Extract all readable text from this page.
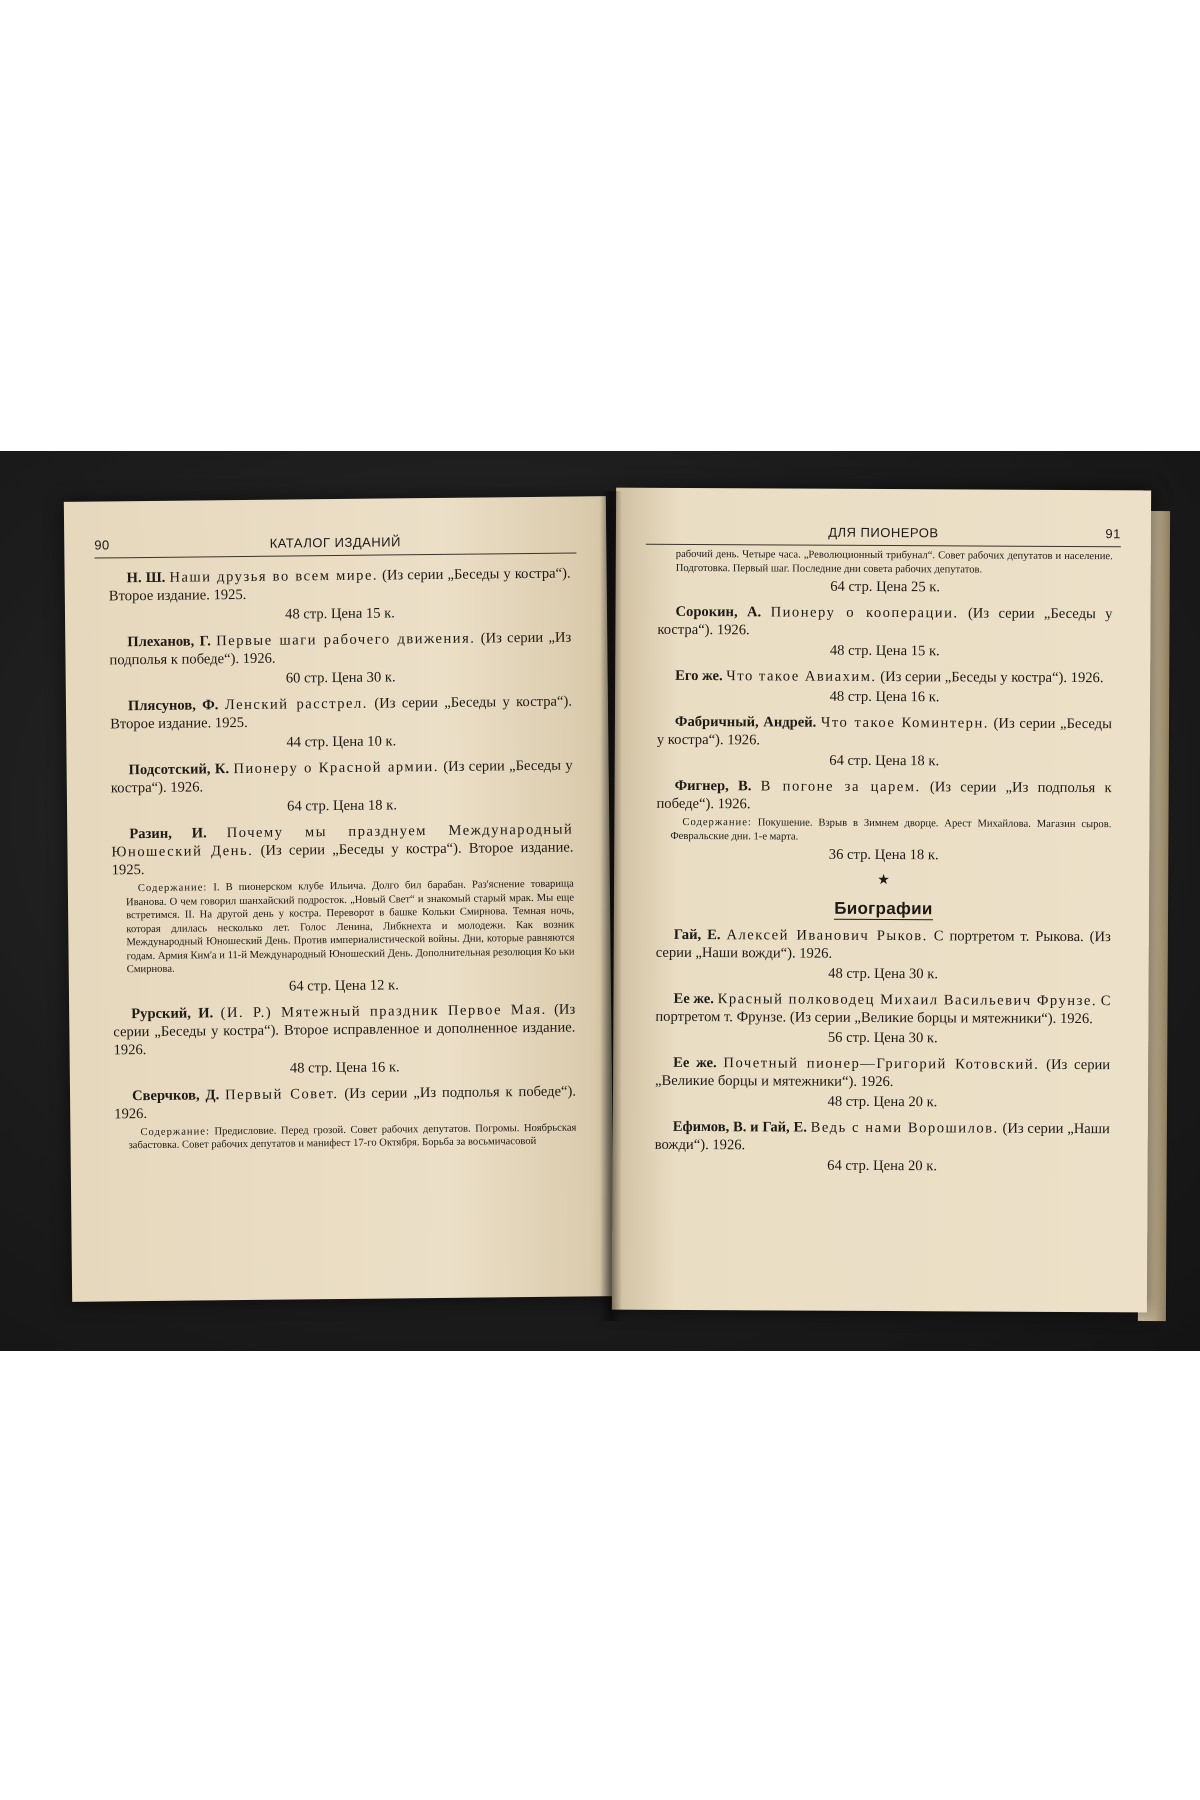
90	КАТАЛОГ ИЗДАНИЙ

Н. Ш. Наши друзья во всем мире. (Из серии „Беседы у костра“). Второе издание. 1925.

48 стр. Цена 15 к.

Плеханов, Г. Первые шаги рабочего движения. (Из серии „Из подполья к победе“). 1926.

60 стр. Цена 30 к.

Плясунов, Ф. Ленский расстрел. (Из серии „Беседы у костра“). Второе издание. 1925.

44 стр. Цена 10 к.

Подсотский, К. Пионеру о Красной армии. (Из серии „Беседы у костра“). 1926.

64 стр. Цена 18 к.

Разин, И. Почему мы празднуем Международный Юношеский День. (Из серии „Беседы у костра“). Второе издание. 1925.

Содержание: I. В пионерском клубе Ильича. Долго бил барабан. Раз'яснение товарища Иванова. О чем говорил шанхайский подросток. „Новый Свет“ и знакомый старый мрак. Мы еще встретимся. II. На другой день у костра. Переворот в башке Кольки Смирнова. Темная ночь, которая длилась несколько лет. Голос Ленина, Либкнехта и молодежи. Как возник Международный Юношеский День. Против империалистической войны. Дни, которые равняются годам. Армия Ким'а и 11-й Международный Юношеский День. Дополнительная резолюция Ко ьки Смирнова.

64 стр. Цена 12 к.

Рурский, И. (И. Р.) Мятежный праздник Первое Мая. (Из серии „Беседы у костра“). Второе исправленное и дополненное издание. 1926.

48 стр. Цена 16 к.

Сверчков, Д. Первый Совет. (Из серии „Из подполья к победе“). 1926.

Содержание: Предисловие. Перед грозой. Совет рабочих депутатов. Погромы. Ноябрьская забастовка. Совет рабочих депутатов и манифест 17-го Октября. Борьба за восьмичасовой

ДЛЯ ПИОНЕРОВ	91

рабочий день. Четыре часа. „Революционный трибунал“. Совет рабочих депутатов и население. Подготовка. Первый шаг. Последние дни совета рабочих депутатов.

64 стр. Цена 25 к.

Сорокин, А. Пионеру о кооперации. (Из серии „Беседы у костра“). 1926.

48 стр. Цена 15 к.

Его же. Что такое Авиахим. (Из серии „Беседы у костра“). 1926.

48 стр. Цена 16 к.

Фабричный, Андрей. Что такое Коминтерн. (Из серии „Беседы у костра“). 1926.

64 стр. Цена 18 к.

Фигнер, В. В погоне за царем. (Из серии „Из подполья к победе“). 1926.

Содержание: Покушение. Взрыв в Зимнем дворце. Арест Михайлова. Магазин сыров. Февральские дни. 1-е марта.

36 стр. Цена 18 к.
★
Биографии

Гай, Е. Алексей Иванович Рыков. С портретом т. Рыкова. (Из серии „Наши вожди“). 1926.

48 стр. Цена 30 к.

Ее же. Красный полководец Михаил Васильевич Фрунзе. С портретом т. Фрунзе. (Из серии „Великие борцы и мятежники“). 1926.

56 стр. Цена 30 к.

Ее же. Почетный пионер—Григорий Котовский. (Из серии „Великие борцы и мятежники“). 1926.

48 стр. Цена 20 к.

Ефимов, В. и Гай, Е. Ведь с нами Ворошилов. (Из серии „Наши вожди“). 1926.

64 стр. Цена 20 к.
